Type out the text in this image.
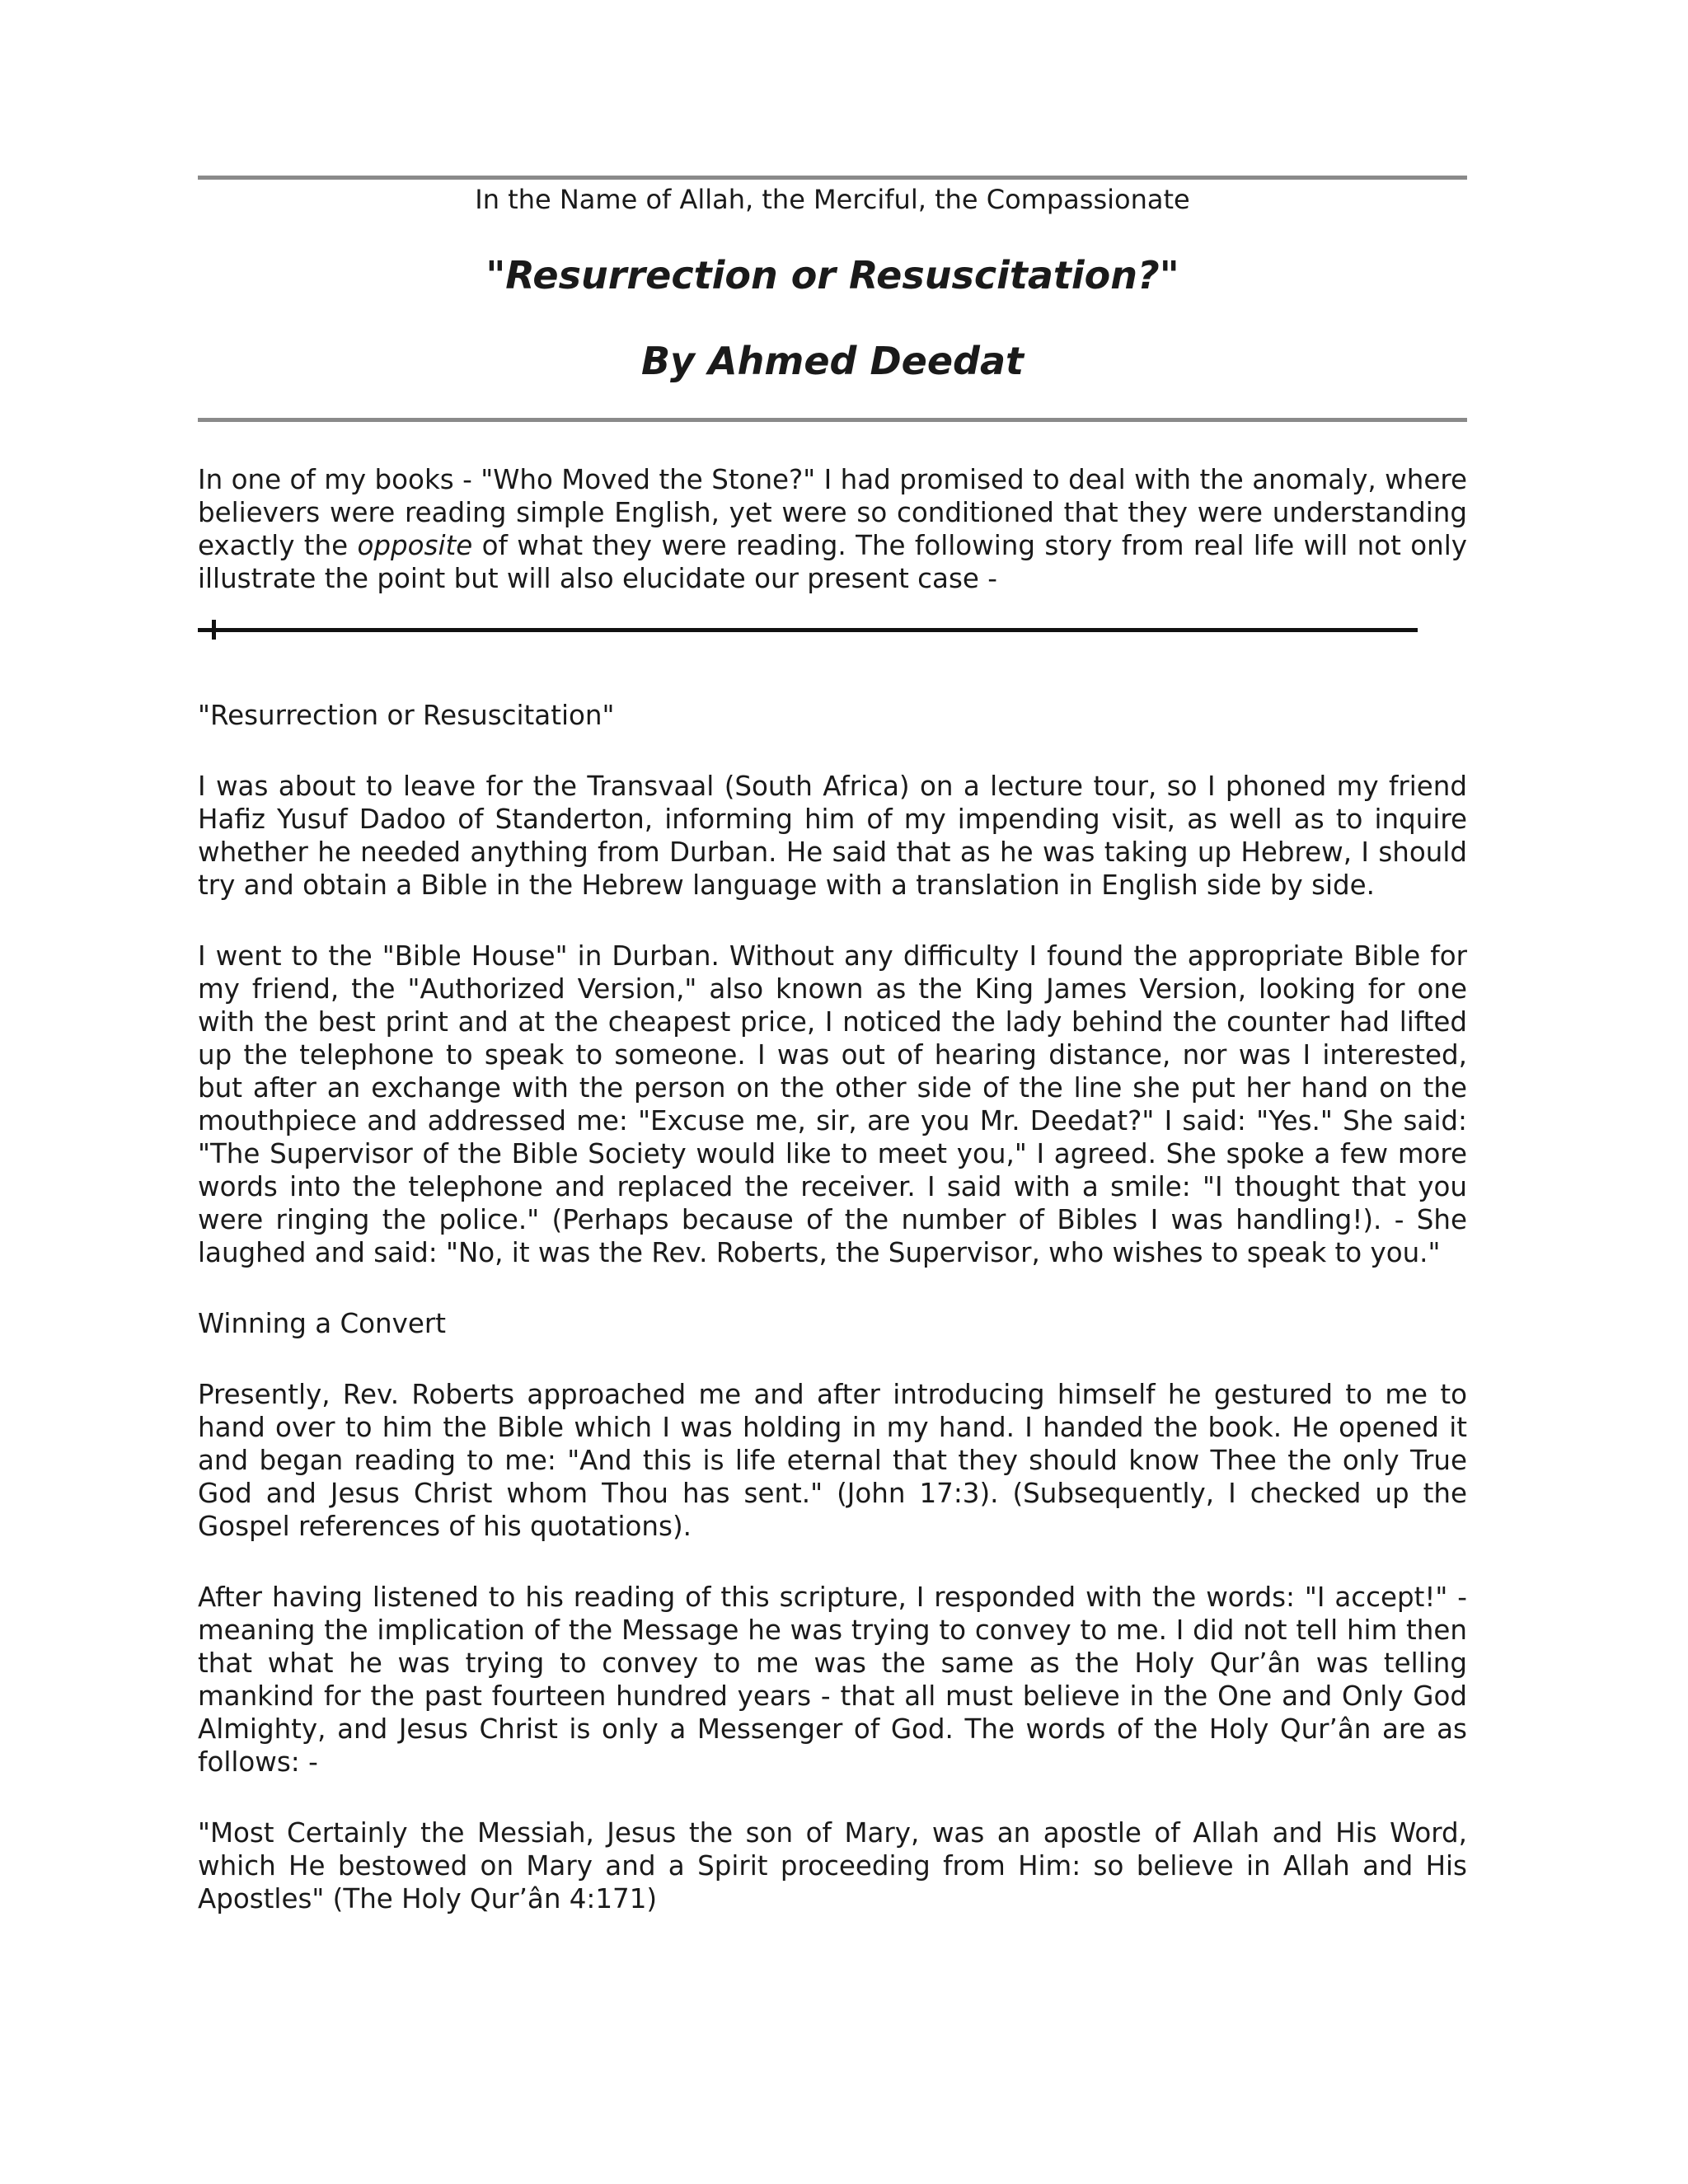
In the Name of Allah, the Merciful, the Compassionate
"Resurrection or Resuscitation?"
By Ahmed Deedat

In one of my books - "Who Moved the Stone?" I had promised to deal with the anomaly, where believers were reading simple English, yet were so conditioned that they were understanding exactly the opposite of what they were reading. The following story from real life will not only illustrate the point but will also elucidate our present case -

"Resurrection or Resuscitation"

I was about to leave for the Transvaal (South Africa) on a lecture tour, so I phoned my friend Hafiz Yusuf Dadoo of Standerton, informing him of my impending visit, as well as to inquire whether he needed anything from Durban. He said that as he was taking up Hebrew, I should try and obtain a Bible in the Hebrew language with a translation in English side by side.

I went to the "Bible House" in Durban. Without any difficulty I found the appropriate Bible for my friend, the "Authorized Version," also known as the King James Version, looking for one with the best print and at the cheapest price, I noticed the lady behind the counter had lifted up the telephone to speak to someone. I was out of hearing distance, nor was I interested, but after an exchange with the person on the other side of the line she put her hand on the mouthpiece and addressed me: "Excuse me, sir, are you Mr. Deedat?" I said: "Yes." She said: "The Supervisor of the Bible Society would like to meet you," I agreed. She spoke a few more words into the telephone and replaced the receiver. I said with a smile: "I thought that you were ringing the police." (Perhaps because of the number of Bibles I was handling!). - She laughed and said: "No, it was the Rev. Roberts, the Supervisor, who wishes to speak to you."

Winning a Convert

Presently, Rev. Roberts approached me and after introducing himself he gestured to me to hand over to him the Bible which I was holding in my hand. I handed the book. He opened it and began reading to me: "And this is life eternal that they should know Thee the only True God and Jesus Christ whom Thou has sent." (John 17:3). (Subsequently, I checked up the Gospel references of his quotations).

After having listened to his reading of this scripture, I responded with the words: "I accept!" - meaning the implication of the Message he was trying to convey to me. I did not tell him then that what he was trying to convey to me was the same as the Holy Qur’ân was telling mankind for the past fourteen hundred years - that all must believe in the One and Only God Almighty, and Jesus Christ is only a Messenger of God. The words of the Holy Qur’ân are as follows: -

"Most Certainly the Messiah, Jesus the son of Mary, was an apostle of Allah and His Word, which He bestowed on Mary and a Spirit proceeding from Him: so believe in Allah and His Apostles" (The Holy Qur’ân 4:171)
